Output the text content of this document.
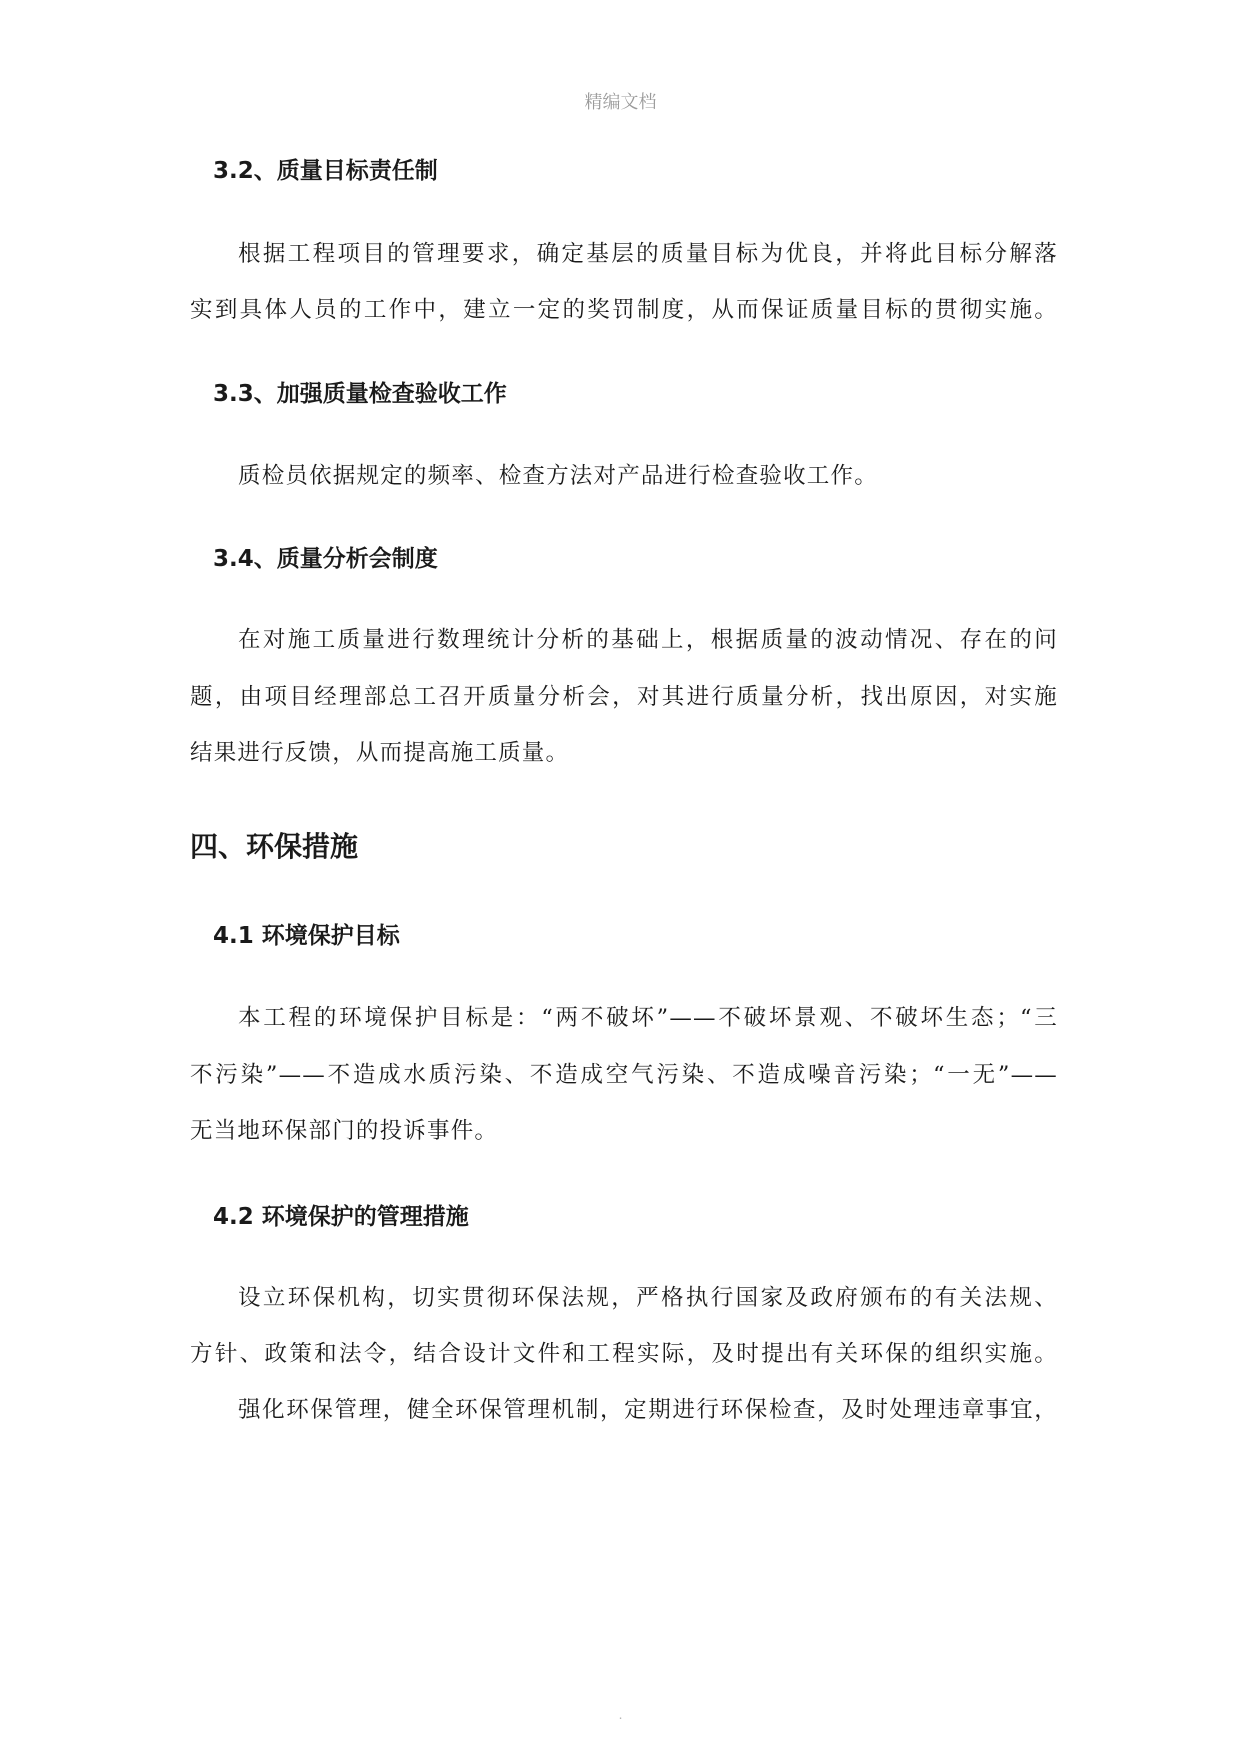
精编文档
3.2、质量目标责任制
根据工程项目的管理要求，确定基层的质量目标为优良，并将此目标分解落
实到具体人员的工作中，建立一定的奖罚制度，从而保证质量目标的贯彻实施。
3.3、加强质量检查验收工作
质检员依据规定的频率、检查方法对产品进行检查验收工作。
3.4、质量分析会制度
在对施工质量进行数理统计分析的基础上，根据质量的波动情况、存在的问
题，由项目经理部总工召开质量分析会，对其进行质量分析，找出原因，对实施
结果进行反馈，从而提高施工质量。
四、环保措施
4.1 环境保护目标
本工程的环境保护目标是：“两不破坏”——不破坏景观、不破坏生态；“三
不污染”——不造成水质污染、不造成空气污染、不造成噪音污染；“一无”——
无当地环保部门的投诉事件。
4.2 环境保护的管理措施
设立环保机构，切实贯彻环保法规，严格执行国家及政府颁布的有关法规、
方针、政策和法令，结合设计文件和工程实际，及时提出有关环保的组织实施。
强化环保管理，健全环保管理机制，定期进行环保检查，及时处理违章事宜，
.
